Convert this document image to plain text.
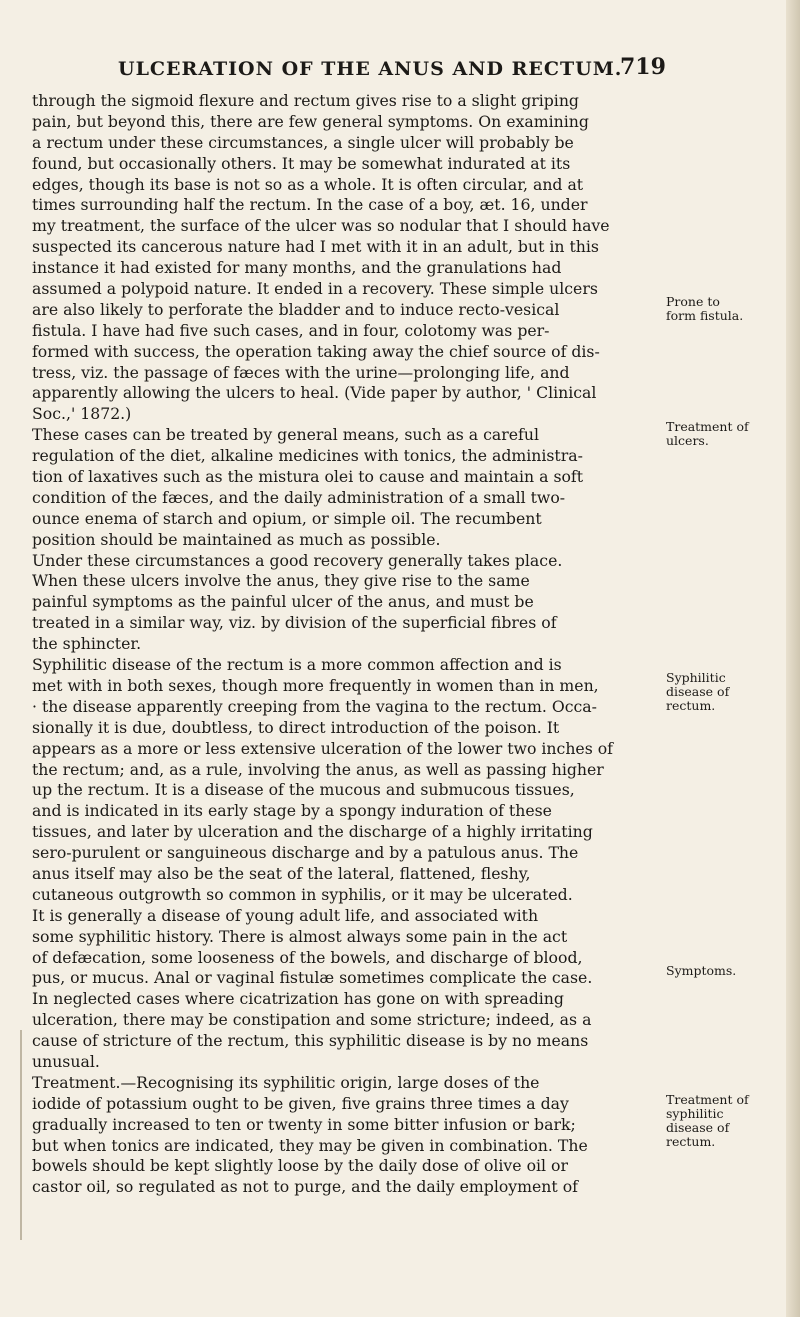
ULCERATION OF THE ANUS AND RECTUM.
719
through the sigmoid flexure and rectum gives rise to a slight griping
pain, but beyond this, there are few general symptoms. On examining
a rectum under these circumstances, a single ulcer will probably be
found, but occasionally others. It may be somewhat indurated at its
edges, though its base is not so as a whole. It is often circular, and at
times surrounding half the rectum. In the case of a boy, æt. 16, under
my treatment, the surface of the ulcer was so nodular that I should have
suspected its cancerous nature had I met with it in an adult, but in this
instance it had existed for many months, and the granulations had
assumed a polypoid nature. It ended in a recovery. These simple ulcers
are also likely to perforate the bladder and to induce recto-vesical
fistula. I have had five such cases, and in four, colotomy was per-
formed with success, the operation taking away the chief source of dis-
tress, viz. the passage of fæces with the urine—prolonging life, and
apparently allowing the ulcers to heal. (Vide paper by author, ' Clinical
Soc.,' 1872.)
These cases can be treated by general means, such as a careful
regulation of the diet, alkaline medicines with tonics, the administra-
tion of laxatives such as the mistura olei to cause and maintain a soft
condition of the fæces, and the daily administration of a small two-
ounce enema of starch and opium, or simple oil. The recumbent
position should be maintained as much as possible.
Under these circumstances a good recovery generally takes place.
When these ulcers involve the anus, they give rise to the same
painful symptoms as the painful ulcer of the anus, and must be
treated in a similar way, viz. by division of the superficial fibres of
the sphincter.
Syphilitic disease of the rectum is a more common affection and is
met with in both sexes, though more frequently in women than in men,
· the disease apparently creeping from the vagina to the rectum. Occa-
sionally it is due, doubtless, to direct introduction of the poison. It
appears as a more or less extensive ulceration of the lower two inches of
the rectum; and, as a rule, involving the anus, as well as passing higher
up the rectum. It is a disease of the mucous and submucous tissues,
and is indicated in its early stage by a spongy induration of these
tissues, and later by ulceration and the discharge of a highly irritating
sero-purulent or sanguineous discharge and by a patulous anus. The
anus itself may also be the seat of the lateral, flattened, fleshy,
cutaneous outgrowth so common in syphilis, or it may be ulcerated.
It is generally a disease of young adult life, and associated with
some syphilitic history. There is almost always some pain in the act
of defæcation, some looseness of the bowels, and discharge of blood,
pus, or mucus. Anal or vaginal fistulæ sometimes complicate the case.
In neglected cases where cicatrization has gone on with spreading
ulceration, there may be constipation and some stricture; indeed, as a
cause of stricture of the rectum, this syphilitic disease is by no means
unusual.
Treatment.—Recognising its syphilitic origin, large doses of the
iodide of potassium ought to be given, five grains three times a day
gradually increased to ten or twenty in some bitter infusion or bark;
but when tonics are indicated, they may be given in combination. The
bowels should be kept slightly loose by the daily dose of olive oil or
castor oil, so regulated as not to purge, and the daily employment of
Prone to
form fistula.
Treatment of
ulcers.
Syphilitic
disease of
rectum.
Symptoms.
Treatment of
syphilitic
disease of
rectum.
